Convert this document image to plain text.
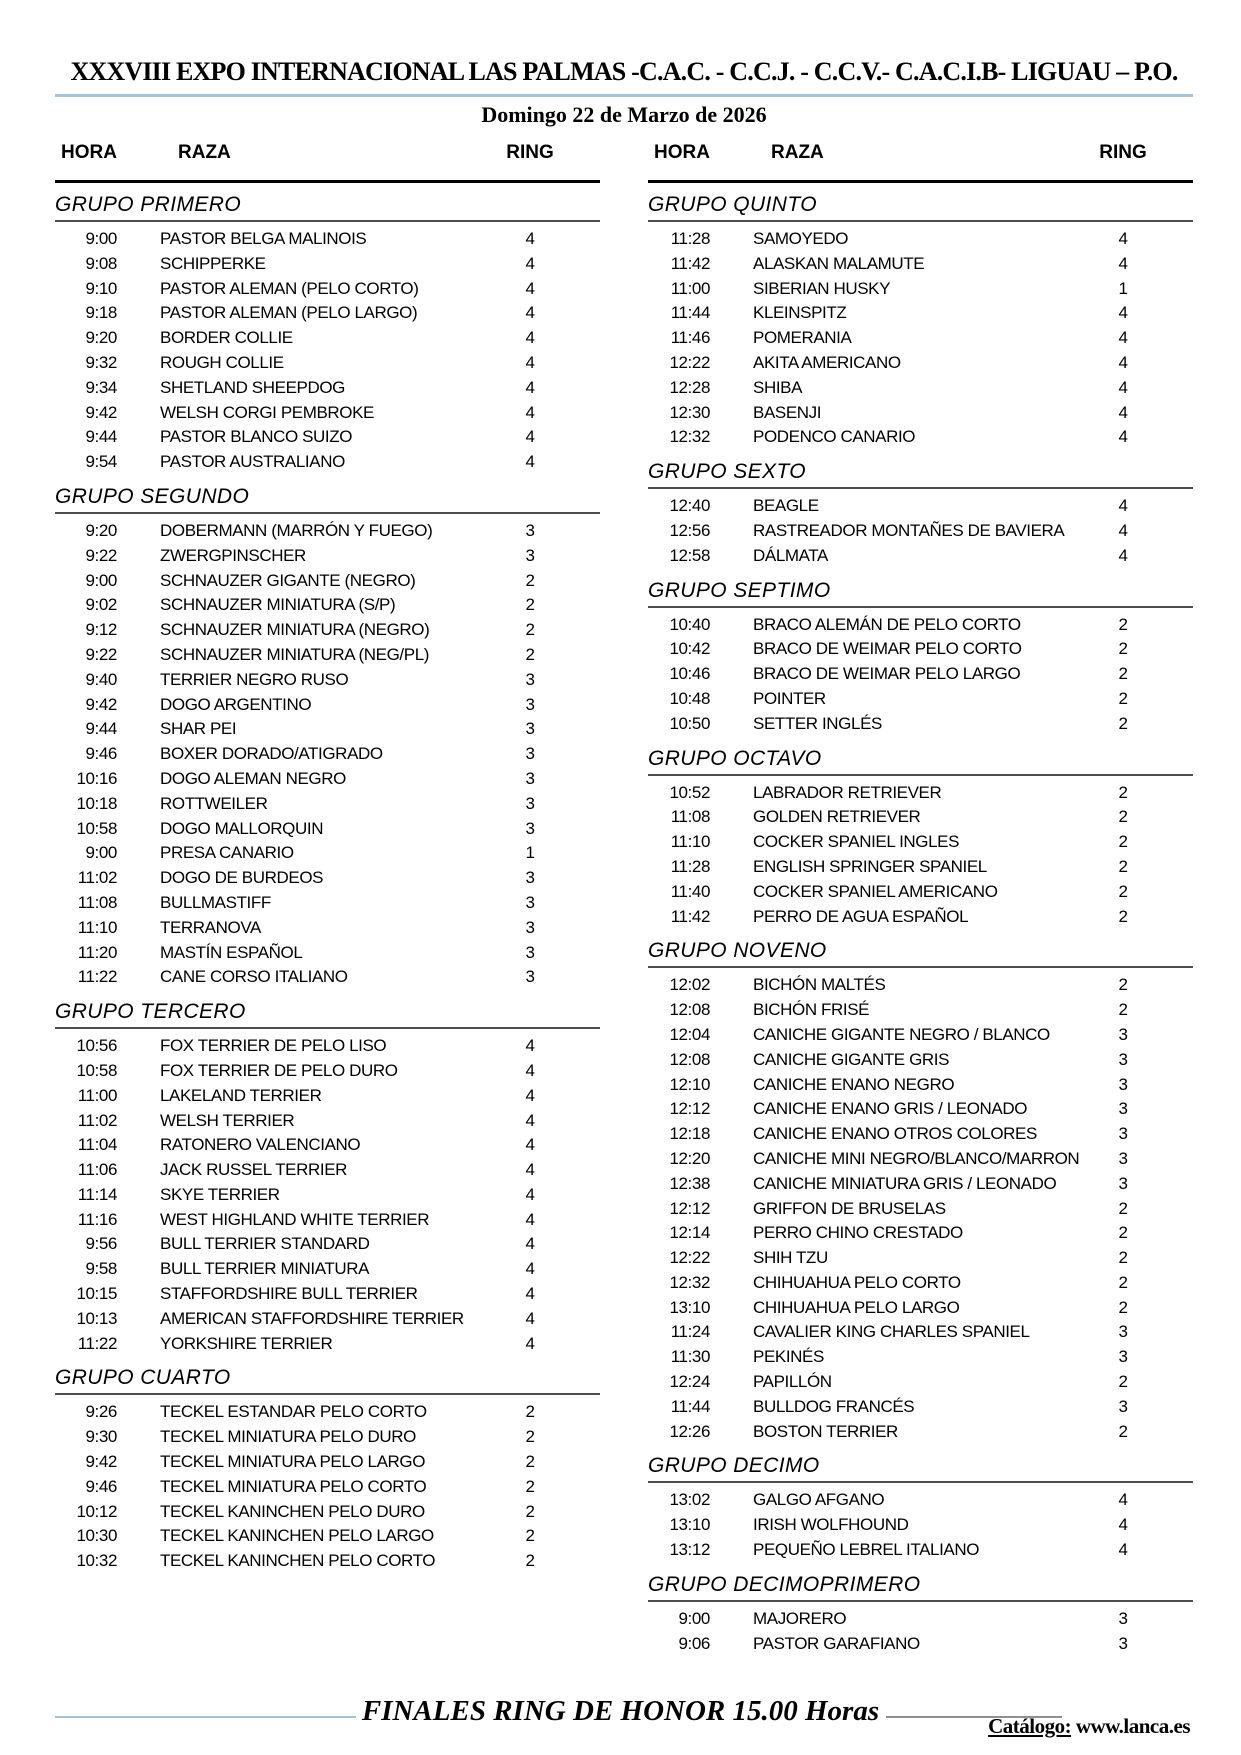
XXXVIII EXPO INTERNACIONAL LAS PALMAS -C.A.C. - C.C.J. - C.C.V.- C.A.C.I.B- LIGUAU – P.O.
Domingo 22 de Marzo de 2026
HORA	RAZA	RING
GRUPO PRIMERO
9:00	PASTOR BELGA MALINOIS	4
9:08	SCHIPPERKE	4
9:10	PASTOR ALEMAN (PELO CORTO)	4
9:18	PASTOR ALEMAN (PELO LARGO)	4
9:20	BORDER COLLIE	4
9:32	ROUGH COLLIE	4
9:34	SHETLAND SHEEPDOG	4
9:42	WELSH CORGI PEMBROKE	4
9:44	PASTOR BLANCO SUIZO	4
9:54	PASTOR AUSTRALIANO	4
GRUPO SEGUNDO
9:20	DOBERMANN (MARRÓN Y FUEGO)	3
9:22	ZWERGPINSCHER	3
9:00	SCHNAUZER GIGANTE (NEGRO)	2
9:02	SCHNAUZER MINIATURA (S/P)	2
9:12	SCHNAUZER MINIATURA (NEGRO)	2
9:22	SCHNAUZER MINIATURA (NEG/PL)	2
9:40	TERRIER NEGRO RUSO	3
9:42	DOGO ARGENTINO	3
9:44	SHAR PEI	3
9:46	BOXER DORADO/ATIGRADO	3
10:16	DOGO ALEMAN NEGRO	3
10:18	ROTTWEILER	3
10:58	DOGO MALLORQUIN	3
9:00	PRESA CANARIO	1
11:02	DOGO DE BURDEOS	3
11:08	BULLMASTIFF	3
11:10	TERRANOVA	3
11:20	MASTÍN ESPAÑOL	3
11:22	CANE CORSO ITALIANO	3
GRUPO TERCERO
10:56	FOX TERRIER DE PELO LISO	4
10:58	FOX TERRIER DE PELO DURO	4
11:00	LAKELAND TERRIER	4
11:02	WELSH TERRIER	4
11:04	RATONERO VALENCIANO	4
11:06	JACK RUSSEL TERRIER	4
11:14	SKYE TERRIER	4
11:16	WEST HIGHLAND WHITE TERRIER	4
9:56	BULL TERRIER STANDARD	4
9:58	BULL TERRIER MINIATURA	4
10:15	STAFFORDSHIRE BULL TERRIER	4
10:13	AMERICAN STAFFORDSHIRE TERRIER	4
11:22	YORKSHIRE TERRIER	4
GRUPO CUARTO
9:26	TECKEL ESTANDAR PELO CORTO	2
9:30	TECKEL MINIATURA PELO DURO	2
9:42	TECKEL MINIATURA PELO LARGO	2
9:46	TECKEL MINIATURA PELO CORTO	2
10:12	TECKEL KANINCHEN PELO DURO	2
10:30	TECKEL KANINCHEN PELO LARGO	2
10:32	TECKEL KANINCHEN PELO CORTO	2
HORA	RAZA	RING
GRUPO QUINTO
11:28	SAMOYEDO	4
11:42	ALASKAN MALAMUTE	4
11:00	SIBERIAN HUSKY	1
11:44	KLEINSPITZ	4
11:46	POMERANIA	4
12:22	AKITA AMERICANO	4
12:28	SHIBA	4
12:30	BASENJI	4
12:32	PODENCO CANARIO	4
GRUPO SEXTO
12:40	BEAGLE	4
12:56	RASTREADOR MONTAÑES DE BAVIERA	4
12:58	DÁLMATA	4
GRUPO SEPTIMO
10:40	BRACO ALEMÁN DE PELO CORTO	2
10:42	BRACO DE WEIMAR PELO CORTO	2
10:46	BRACO DE WEIMAR PELO LARGO	2
10:48	POINTER	2
10:50	SETTER INGLÉS	2
GRUPO OCTAVO
10:52	LABRADOR RETRIEVER	2
11:08	GOLDEN RETRIEVER	2
11:10	COCKER SPANIEL INGLES	2
11:28	ENGLISH SPRINGER SPANIEL	2
11:40	COCKER SPANIEL AMERICANO	2
11:42	PERRO DE AGUA ESPAÑOL	2
GRUPO NOVENO
12:02	BICHÓN MALTÉS	2
12:08	BICHÓN FRISÉ	2
12:04	CANICHE GIGANTE NEGRO / BLANCO	3
12:08	CANICHE GIGANTE GRIS	3
12:10	CANICHE ENANO NEGRO	3
12:12	CANICHE ENANO GRIS / LEONADO	3
12:18	CANICHE ENANO OTROS COLORES	3
12:20	CANICHE MINI NEGRO/BLANCO/MARRON	3
12:38	CANICHE MINIATURA GRIS / LEONADO	3
12:12	GRIFFON DE BRUSELAS	2
12:14	PERRO CHINO CRESTADO	2
12:22	SHIH TZU	2
12:32	CHIHUAHUA PELO CORTO	2
13:10	CHIHUAHUA PELO LARGO	2
11:24	CAVALIER KING CHARLES SPANIEL	3
11:30	PEKINÉS	3
12:24	PAPILLÓN	2
11:44	BULLDOG FRANCÉS	3
12:26	BOSTON TERRIER	2
GRUPO DECIMO
13:02	GALGO AFGANO	4
13:10	IRISH WOLFHOUND	4
13:12	PEQUEÑO LEBREL ITALIANO	4
GRUPO DECIMOPRIMERO
9:00	MAJORERO	3
9:06	PASTOR GARAFIANO	3
FINALES RING DE HONOR 15.00 Horas	Catálogo: www.lanca.es
